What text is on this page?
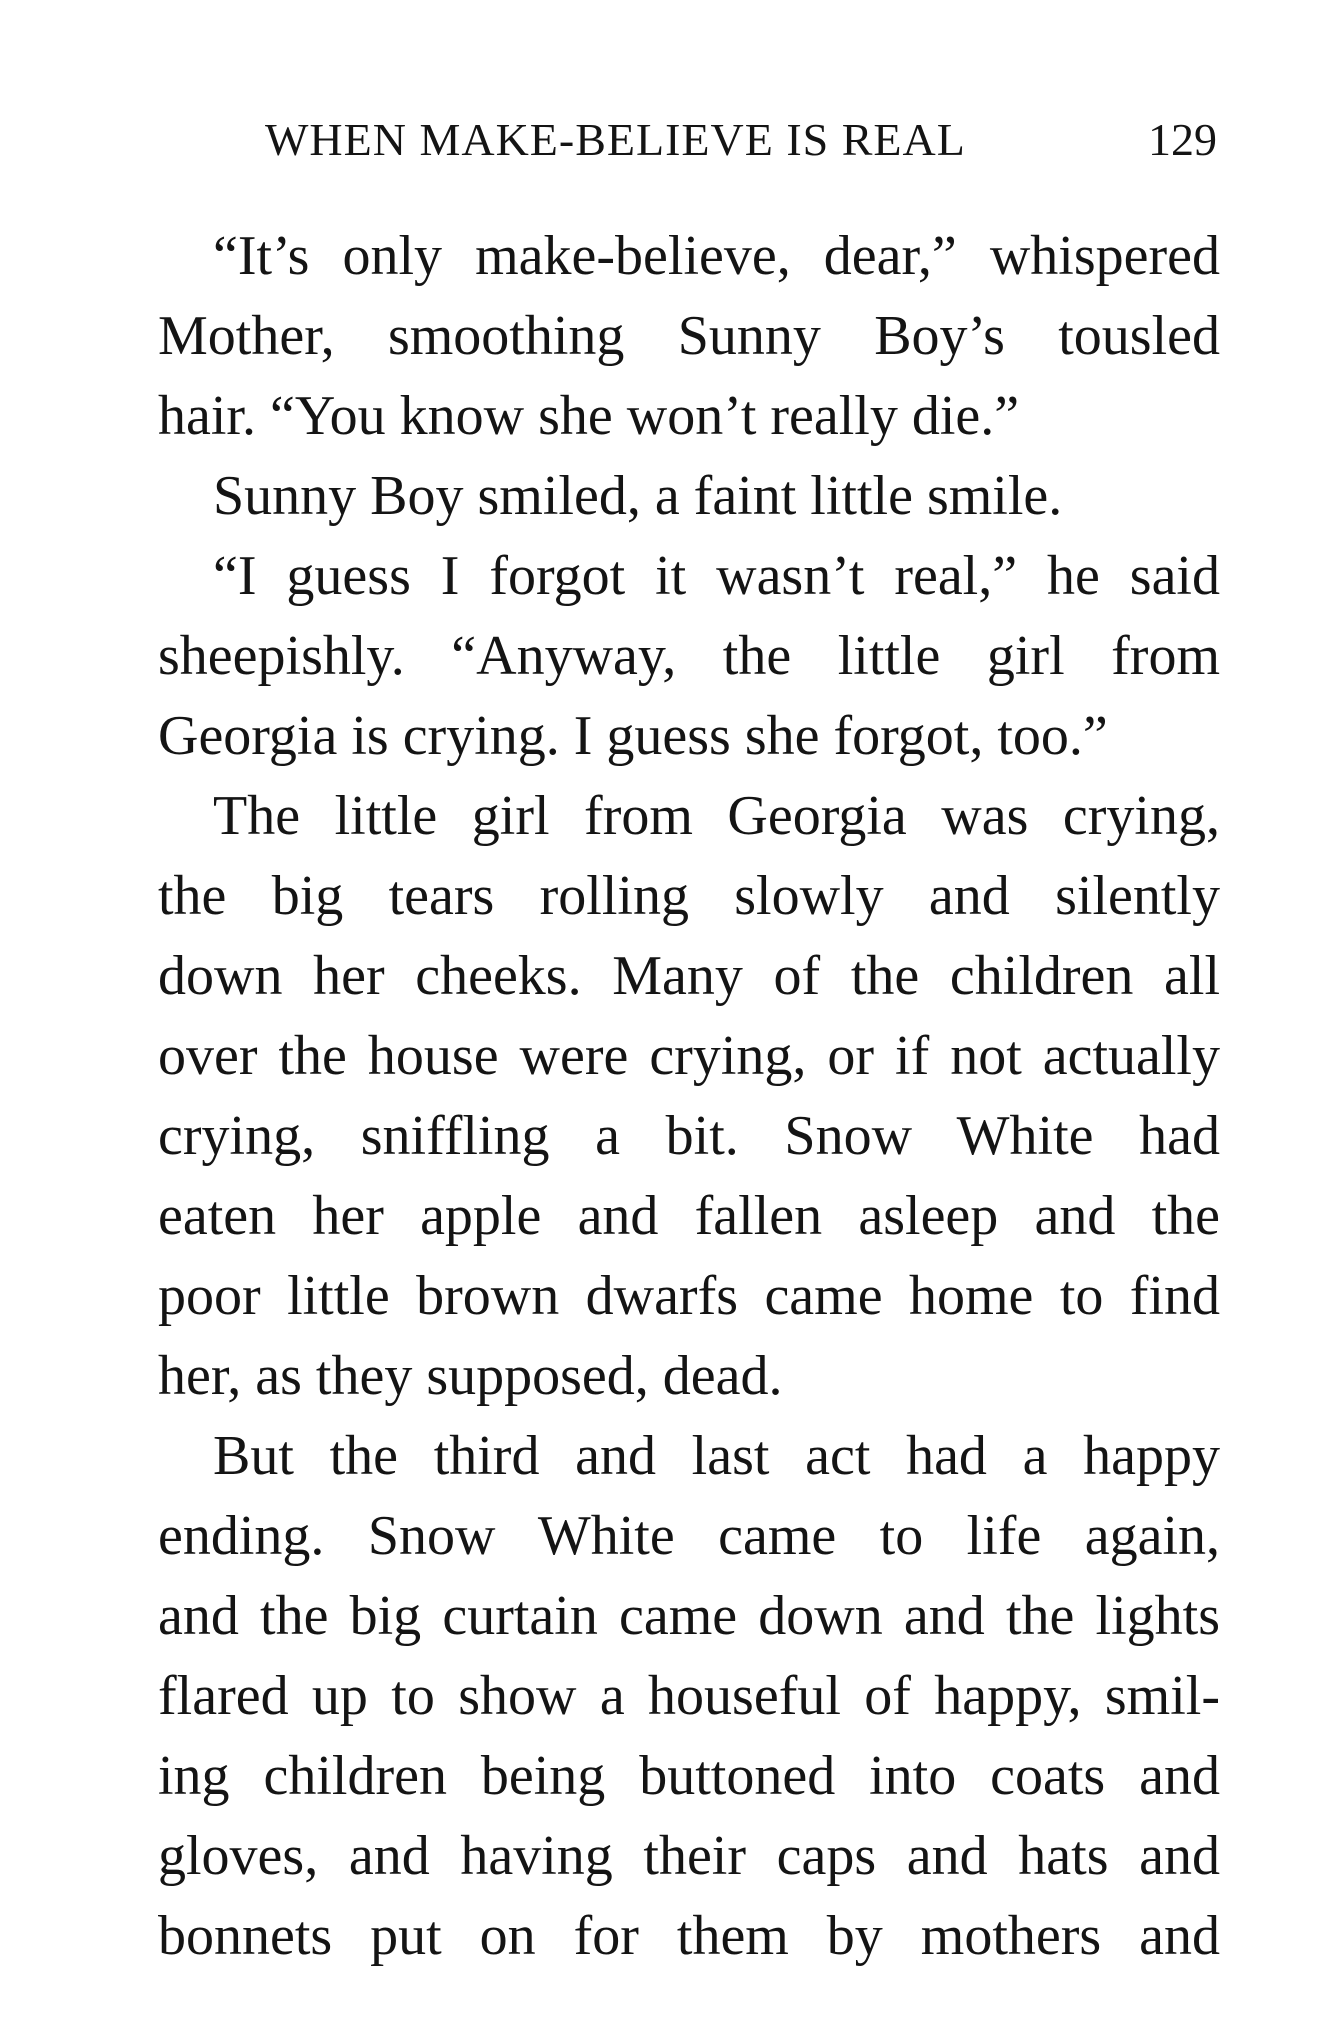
WHEN MAKE-BELIEVE IS REAL	129
“It’s only make-believe, dear,” whispered
Mother, smoothing Sunny Boy’s tousled
hair. “You know she won’t really die.”
Sunny Boy smiled, a faint little smile.
“I guess I forgot it wasn’t real,” he said
sheepishly. “Anyway, the little girl from
Georgia is crying. I guess she forgot, too.”
The little girl from Georgia was crying,
the big tears rolling slowly and silently
down her cheeks. Many of the children all
over the house were crying, or if not actually
crying, sniffling a bit. Snow White had
eaten her apple and fallen asleep and the
poor little brown dwarfs came home to find
her, as they supposed, dead.
But the third and last act had a happy
ending. Snow White came to life again,
and the big curtain came down and the lights
flared up to show a houseful of happy, smil-
ing children being buttoned into coats and
gloves, and having their caps and hats and
bonnets put on for them by mothers and
